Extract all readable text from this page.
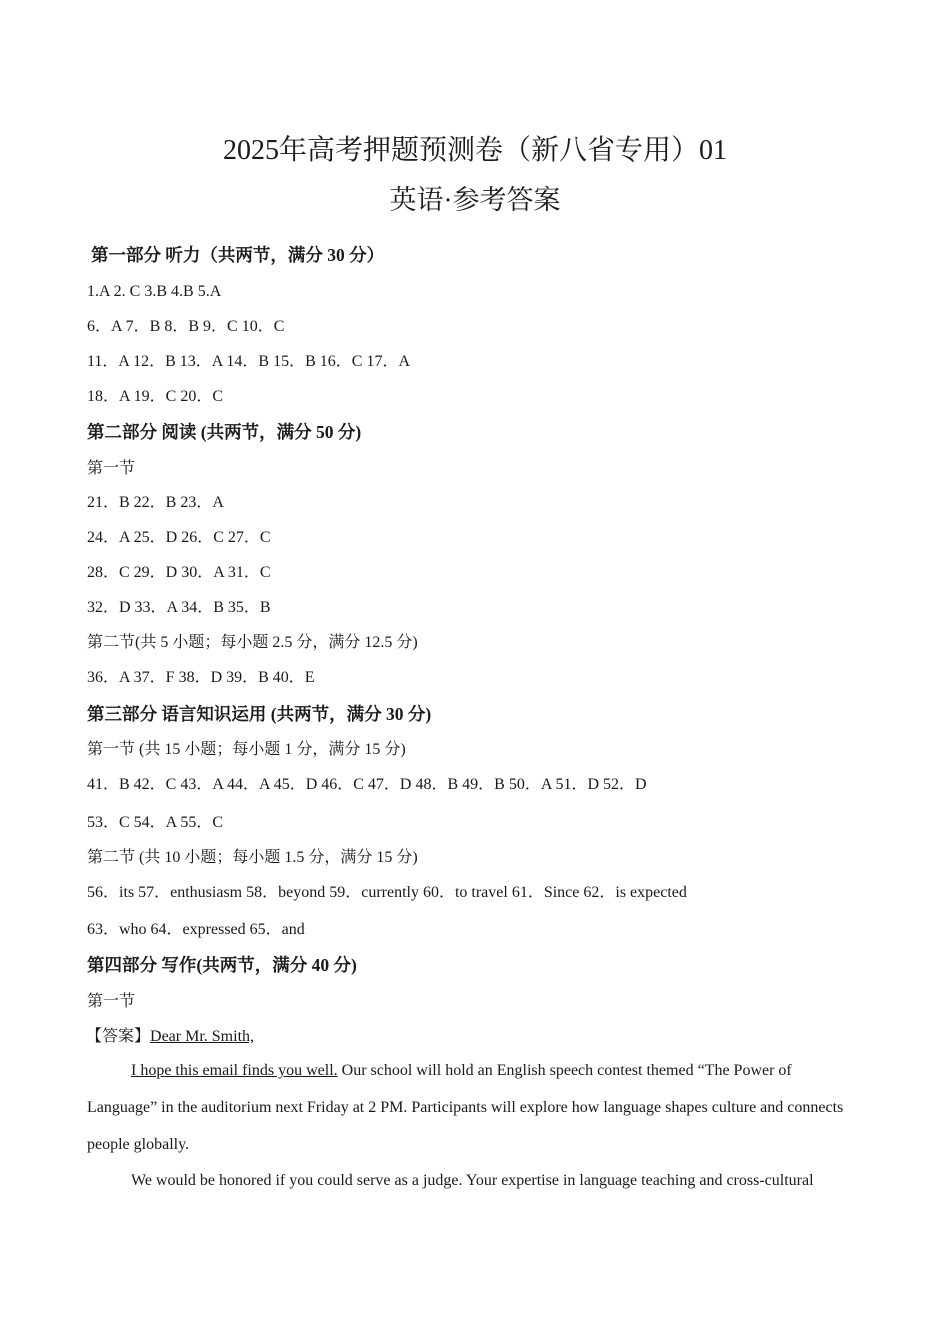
2025年高考押题预测卷（新八省专用）01
英语·参考答案
第一部分 听力（共两节，满分 30 分）
1.A 2. C 3.B 4.B 5.A
6．A 7．B 8．B 9．C 10．C
11．A 12．B 13．A 14．B 15．B 16．C 17．A
18．A 19．C 20．C
第二部分 阅读 (共两节，满分 50 分)
第一节
21．B 22．B 23．A
24．A 25．D 26．C 27．C
28．C 29．D 30．A 31．C
32．D 33．A 34．B 35．B
第二节(共 5 小题；每小题 2.5 分，满分 12.5 分)
36．A 37．F 38．D 39．B 40．E
第三部分 语言知识运用 (共两节，满分 30 分)
第一节 (共 15 小题；每小题 1 分，满分 15 分)
41．B 42．C 43．A 44．A 45．D 46．C 47．D 48．B 49．B 50．A 51．D 52．D
53．C 54．A 55．C
第二节 (共 10 小题；每小题 1.5 分，满分 15 分)
56．its 57．enthusiasm 58．beyond 59．currently 60．to travel 61．Since 62．is expected
63．who 64．expressed 65．and
第四部分 写作(共两节，满分 40 分)
第一节
【答案】Dear Mr. Smith,
I hope this email finds you well. Our school will hold an English speech contest themed “The Power of Language” in the auditorium next Friday at 2 PM. Participants will explore how language shapes culture and connects people globally.
We would be honored if you could serve as a judge. Your expertise in language teaching and cross-cultural
